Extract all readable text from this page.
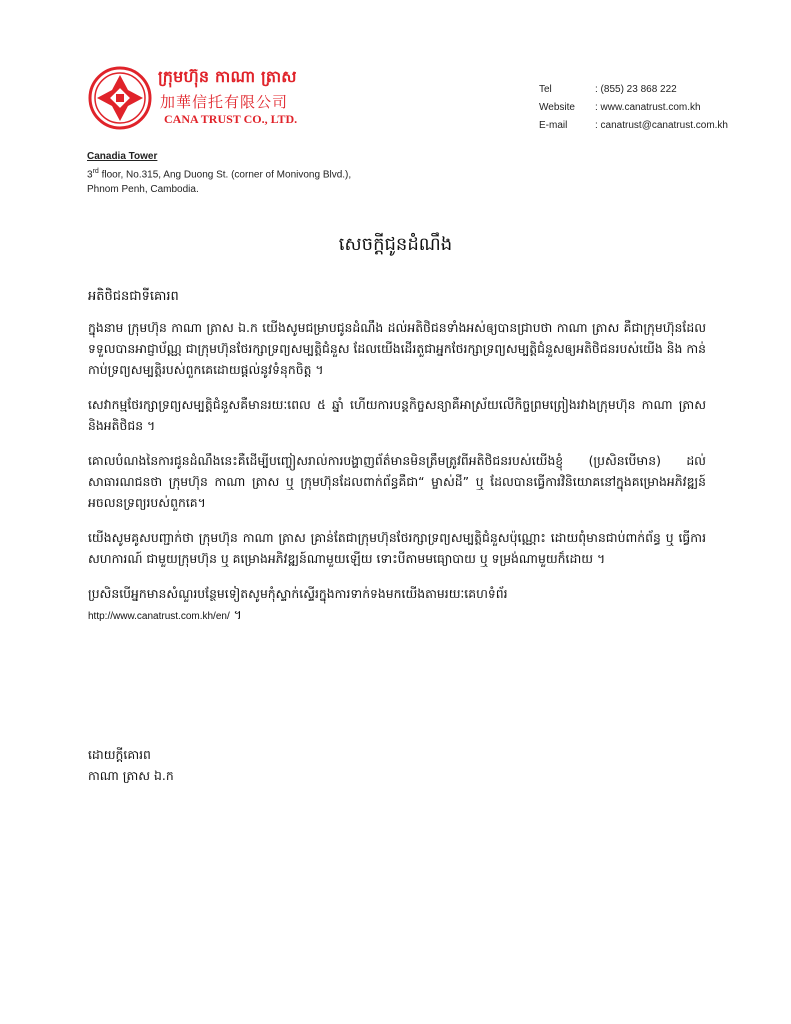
ក្រុមហ៊ុន កាណា ត្រាស
加華信托有限公司
CANA TRUST CO., LTD.
Tel	: (855) 23 868 222
Website	: www.canatrust.com.kh
E-mail	: canatrust@canatrust.com.kh
Canadia Tower
3rd floor, No.315, Ang Duong St. (corner of Monivong Blvd.),
Phnom Penh, Cambodia.
សេចក្តីជូនដំណឹង
អតិថិជនជាទីគោរព

ក្នុងនាម ក្រុមហ៊ុន កាណា ត្រាស ឯ.ក យើងសូមជម្រាបជូនដំណឹង ដល់អតិថិជនទាំងអស់ឲ្យបានជ្រាបថា កាណា ត្រាស គឺជាក្រុមហ៊ុនដែលទទួលបានអាជ្ញាប័ណ្ណ ជាក្រុមហ៊ុនថែរក្សាទ្រព្យសម្បត្តិជំនួស ដែលយើងដើរតួជាអ្នកថែរក្សាទ្រព្យសម្បត្តិជំនួសឲ្យអតិថិជនរបស់យើង និង កាន់កាប់ទ្រព្យសម្បត្តិរបស់ពួកគេដោយផ្តល់នូវទំនុកចិត្ត ។

សេវាកម្មថែរក្សាទ្រព្យសម្បត្តិជំនួសគឺមានរយៈពេល ៥ ឆ្នាំ ហើយការបន្តកិច្ចសន្យាគឺអាស្រ័យលើកិច្ចព្រមព្រៀងរវាងក្រុមហ៊ុន កាណា ត្រាស និងអតិថិជន ។

គោលបំណងនៃការជូនដំណឹងនេះគឺដើម្បីបញ្ចៀសរាល់ការបង្ហាញព័ត៌មានមិនត្រឹមត្រូវពីអតិថិជនរបស់យើងខ្ញុំ (ប្រសិនបើមាន) ដល់សាធារណជនថា ក្រុមហ៊ុន កាណា ត្រាស ឬ ក្រុមហ៊ុនដែលពាក់ព័ន្ធគឺជា“ ម្ចាស់ដី” ឬ ដែលបានធ្វើការវិនិយោគនៅក្នុងគម្រោងអភិវឌ្ឍន៍អចលនទ្រព្យរបស់ពួកគេ។

យើងសូមគូសបញ្ជាក់ថា ក្រុមហ៊ុន កាណា ត្រាស គ្រាន់តែជាក្រុមហ៊ុនថែរក្សាទ្រព្យសម្បត្តិជំនួសប៉ុណ្ណោះ ដោយពុំមានជាប់ពាក់ព័ន្ធ ឬ ធ្វើការសហការណ៍ ជាមួយក្រុមហ៊ុន ឬ គម្រោងអភិវឌ្ឍន៍ណាមួយឡើយ ទោះបីតាមមធ្យោបាយ ឬ ទម្រង់ណាមួយក៏ដោយ ។

ប្រសិនបើអ្នកមានសំណួរបន្ថែមទៀតសូមកុំស្ទាក់ស្ទើរក្នុងការទាក់ទងមកយើងតាមរយៈគេហទំព័រ
http://www.canatrust.com.kh/en/ ។

ដោយក្តីគោរព
កាណា ត្រាស ឯ.ក
